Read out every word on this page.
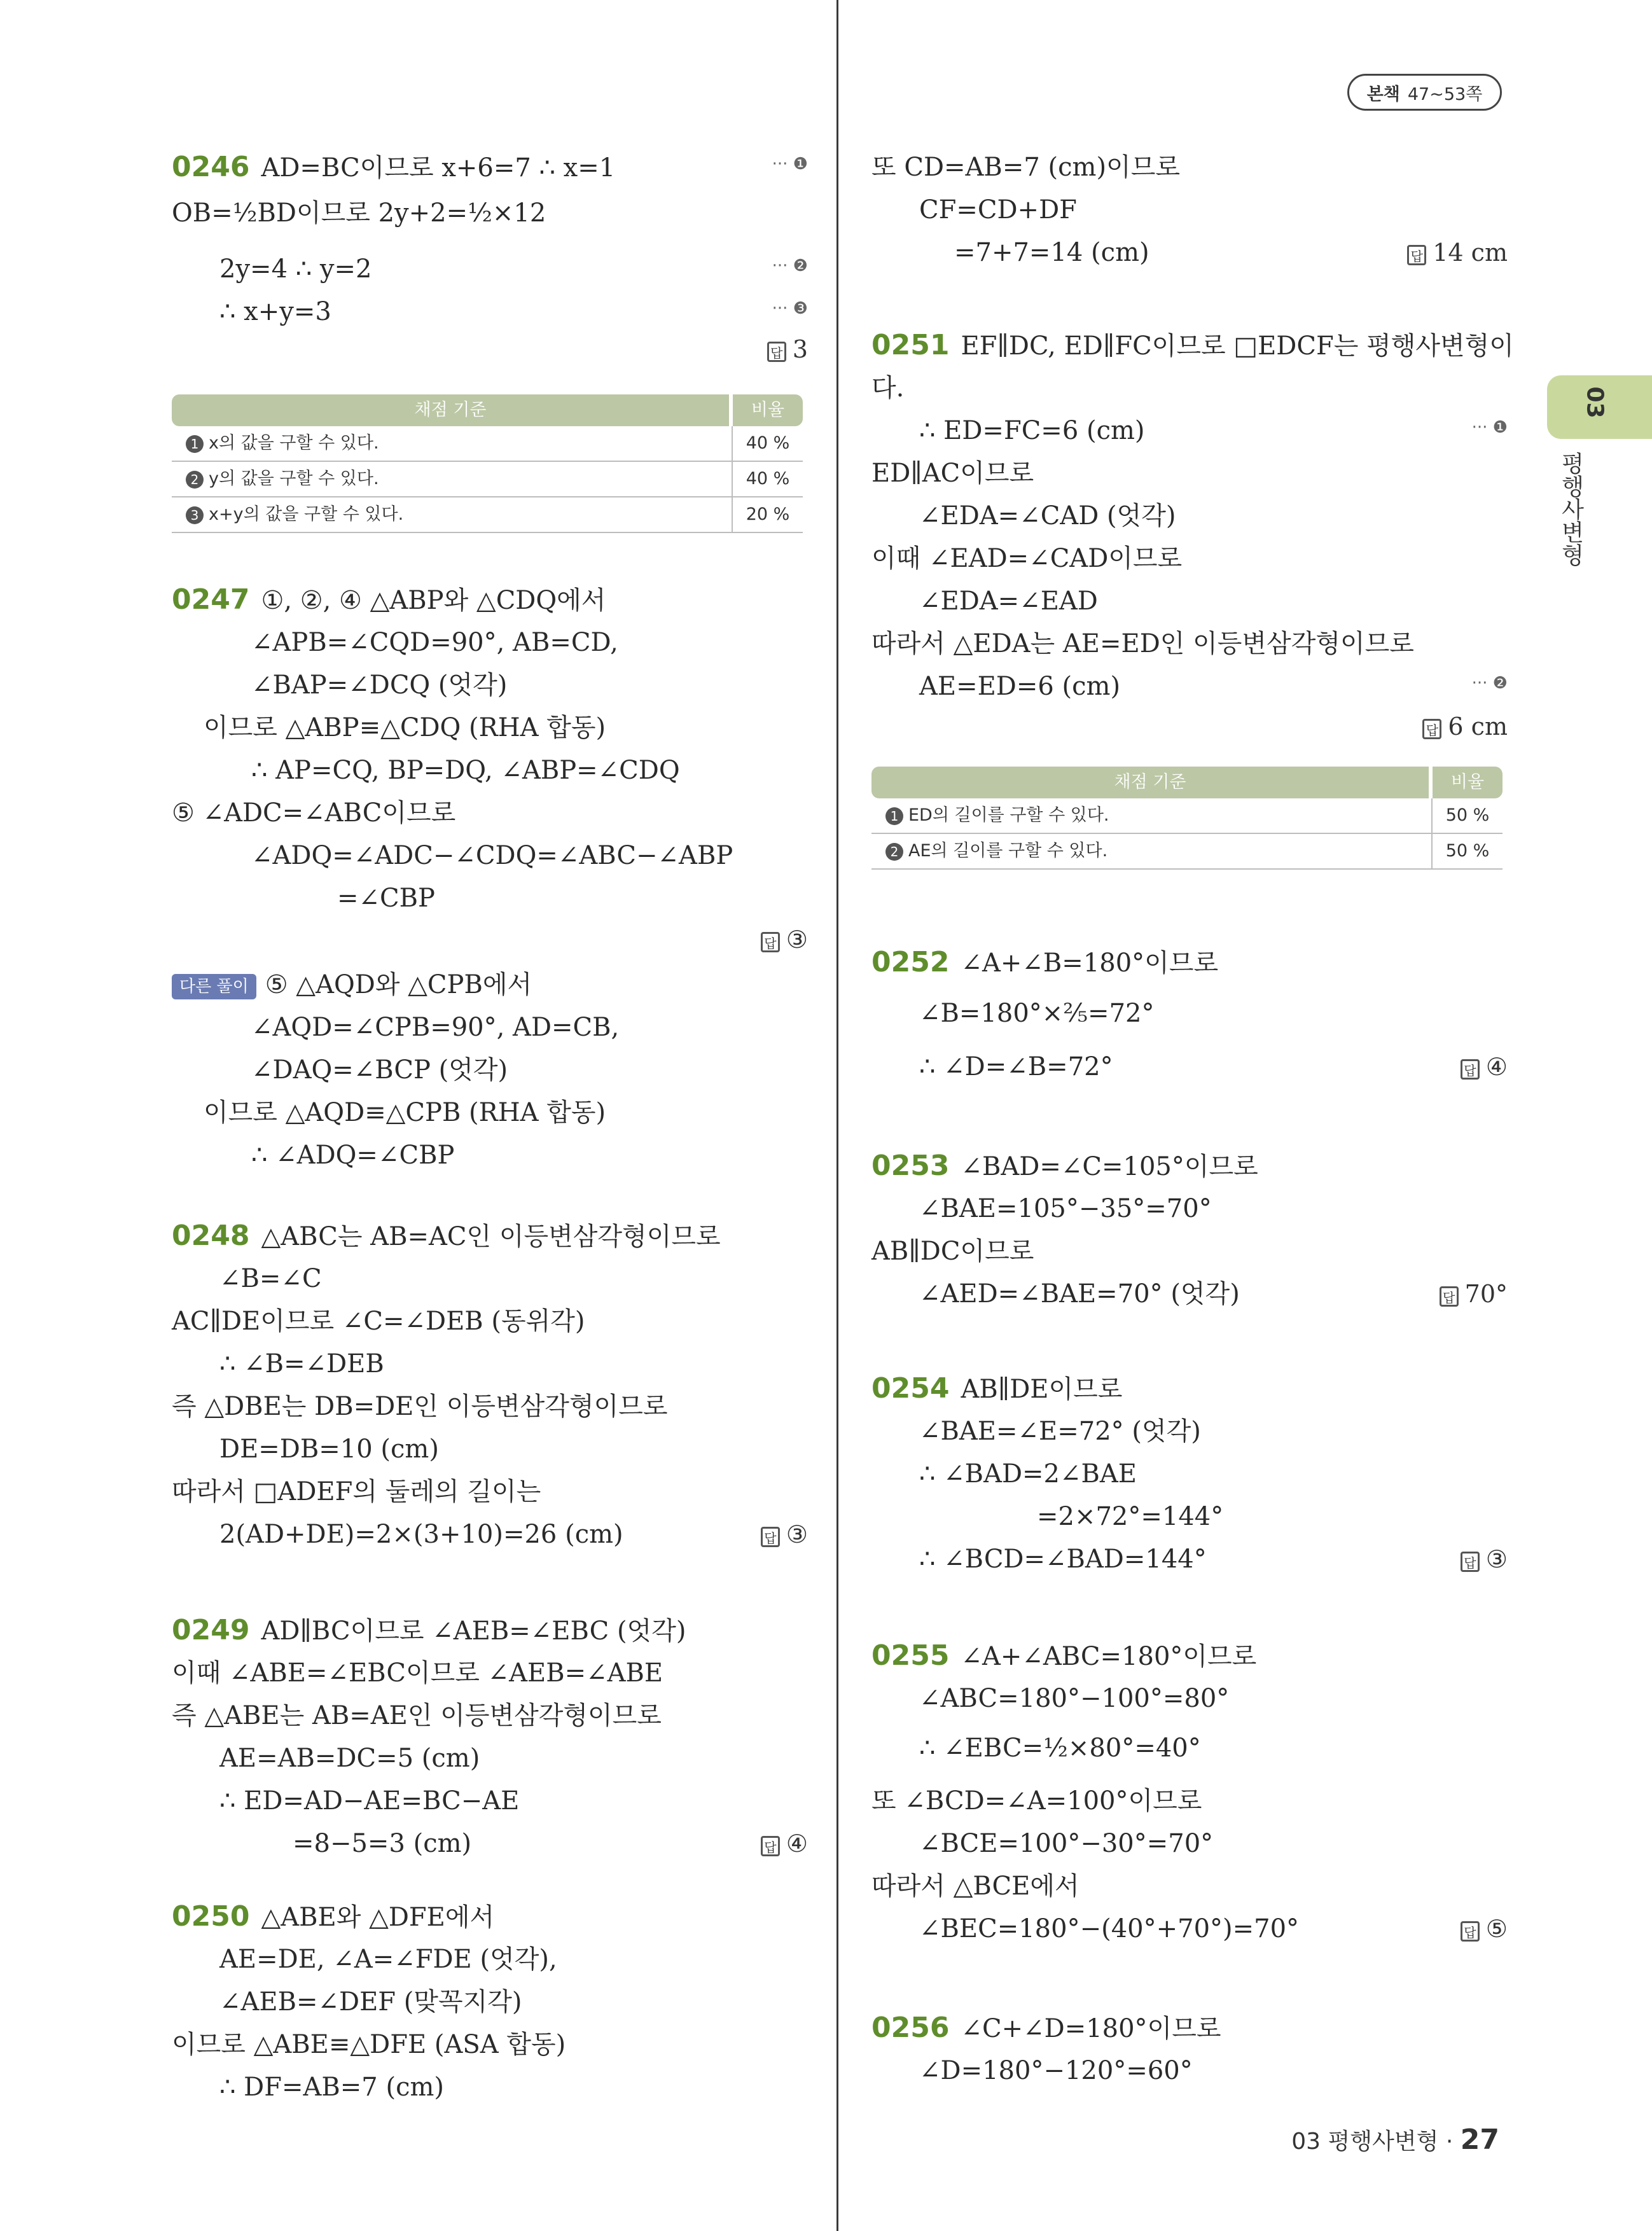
본책 47~53쪽
03
평행사변형
0246 AD=BC이므로 x+6=7 ∴ x=1	··· ❶
OB=½BD이므로 2y+2=½×12
2y=4 ∴ y=2	··· ❷
∴ x+y=3	··· ❸
답 3
채점 기준	비율
1 x의 값을 구할 수 있다.	40 %
2 y의 값을 구할 수 있다.	40 %
3 x+y의 값을 구할 수 있다.	20 %
0247 ①, ②, ④ △ABP와 △CDQ에서
∠APB=∠CQD=90°, AB=CD,
∠BAP=∠DCQ (엇각)
이므로 △ABP≡△CDQ (RHA 합동)
∴ AP=CQ, BP=DQ, ∠ABP=∠CDQ
⑤ ∠ADC=∠ABC이므로
∠ADQ=∠ADC−∠CDQ=∠ABC−∠ABP
=∠CBP
답 ③
다른 풀이 ⑤ △AQD와 △CPB에서
∠AQD=∠CPB=90°, AD=CB,
∠DAQ=∠BCP (엇각)
이므로 △AQD≡△CPB (RHA 합동)
∴ ∠ADQ=∠CBP
0248 △ABC는 AB=AC인 이등변삼각형이므로
∠B=∠C
AC∥DE이므로 ∠C=∠DEB (동위각)
∴ ∠B=∠DEB
즉 △DBE는 DB=DE인 이등변삼각형이므로
DE=DB=10 (cm)
따라서 □ADEF의 둘레의 길이는
2(AD+DE)=2×(3+10)=26 (cm)	답 ③
0249 AD∥BC이므로 ∠AEB=∠EBC (엇각)
이때 ∠ABE=∠EBC이므로 ∠AEB=∠ABE
즉 △ABE는 AB=AE인 이등변삼각형이므로
AE=AB=DC=5 (cm)
∴ ED=AD−AE=BC−AE
=8−5=3 (cm)	답 ④
0250 △ABE와 △DFE에서
AE=DE, ∠A=∠FDE (엇각),
∠AEB=∠DEF (맞꼭지각)
이므로 △ABE≡△DFE (ASA 합동)
∴ DF=AB=7 (cm)
또 CD=AB=7 (cm)이므로
CF=CD+DF
=7+7=14 (cm)	답 14 cm
0251 EF∥DC, ED∥FC이므로 □EDCF는 평행사변형이
다.
∴ ED=FC=6 (cm)	··· ❶
ED∥AC이므로
∠EDA=∠CAD (엇각)
이때 ∠EAD=∠CAD이므로
∠EDA=∠EAD
따라서 △EDA는 AE=ED인 이등변삼각형이므로
AE=ED=6 (cm)	··· ❷
답 6 cm
채점 기준	비율
1 ED의 길이를 구할 수 있다.	50 %
2 AE의 길이를 구할 수 있다.	50 %
0252 ∠A+∠B=180°이므로
∠B=180°×⅖=72°
∴ ∠D=∠B=72°	답 ④
0253 ∠BAD=∠C=105°이므로
∠BAE=105°−35°=70°
AB∥DC이므로
∠AED=∠BAE=70° (엇각)	답 70°
0254 AB∥DE이므로
∠BAE=∠E=72° (엇각)
∴ ∠BAD=2∠BAE
=2×72°=144°
∴ ∠BCD=∠BAD=144°	답 ③
0255 ∠A+∠ABC=180°이므로
∠ABC=180°−100°=80°
∴ ∠EBC=½×80°=40°
또 ∠BCD=∠A=100°이므로
∠BCE=100°−30°=70°
따라서 △BCE에서
∠BEC=180°−(40°+70°)=70°	답 ⑤
0256 ∠C+∠D=180°이므로
∠D=180°−120°=60°
03 평행사변형 · 27
